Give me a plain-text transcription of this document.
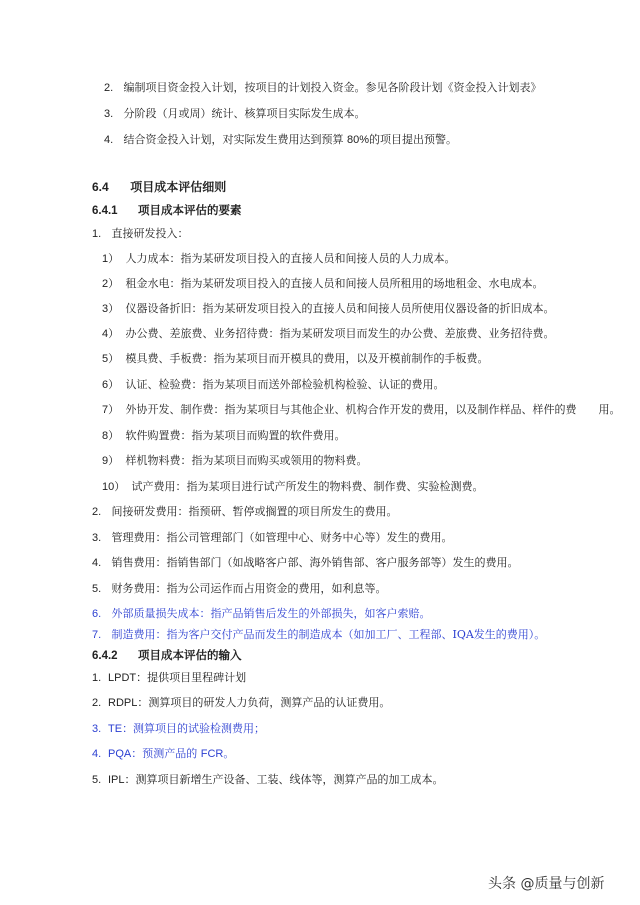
2. 编制项目资金投入计划，按项目的计划投入资金。参见各阶段计划《资金投入计划表》
3. 分阶段（月或周）统计、核算项目实际发生成本。
4. 结合资金投入计划，对实际发生费用达到预算 80%的项目提出预警。
6.4 项目成本评估细则
6.4.1 项目成本评估的要素
1. 直接研发投入：
1） 人力成本：指为某研发项目投入的直接人员和间接人员的人力成本。
2） 租金水电：指为某研发项目投入的直接人员和间接人员所租用的场地租金、水电成本。
3） 仪器设备折旧：指为某研发项目投入的直接人员和间接人员所使用仪器设备的折旧成本。
4） 办公费、差旅费、业务招待费：指为某研发项目而发生的办公费、差旅费、业务招待费。
5） 模具费、手板费：指为某项目而开模具的费用，以及开模前制作的手板费。
6） 认证、检验费：指为某项目而送外部检验机构检验、认证的费用。
7） 外协开发、制作费：指为某项目与其他企业、机构合作开发的费用，以及制作样品、样件的费　　用。
8） 软件购置费：指为某项目而购置的软件费用。
9） 样机物料费：指为某项目而购买或领用的物料费。
10） 试产费用：指为某项目进行试产所发生的物料费、制作费、实验检测费。
2. 间接研发费用：指预研、暂停或搁置的项目所发生的费用。
3. 管理费用：指公司管理部门（如管理中心、财务中心等）发生的费用。
4. 销售费用：指销售部门（如战略客户部、海外销售部、客户服务部等）发生的费用。
5. 财务费用：指为公司运作而占用资金的费用，如利息等。
6. 外部质量损失成本：指产品销售后发生的外部损失，如客户索赔。
7. 制造费用：指为客户交付产品而发生的制造成本（如加工厂、工程部、IQA发生的费用）。
6.4.2 项目成本评估的输入
1. LPDT：提供项目里程碑计划
2. RDPL：测算项目的研发人力负荷，测算产品的认证费用。
3. TE：测算项目的试验检测费用；
4. PQA：预测产品的 FCR。
5. IPL：测算项目新增生产设备、工装、线体等，测算产品的加工成本。
头条 @质量与创新
